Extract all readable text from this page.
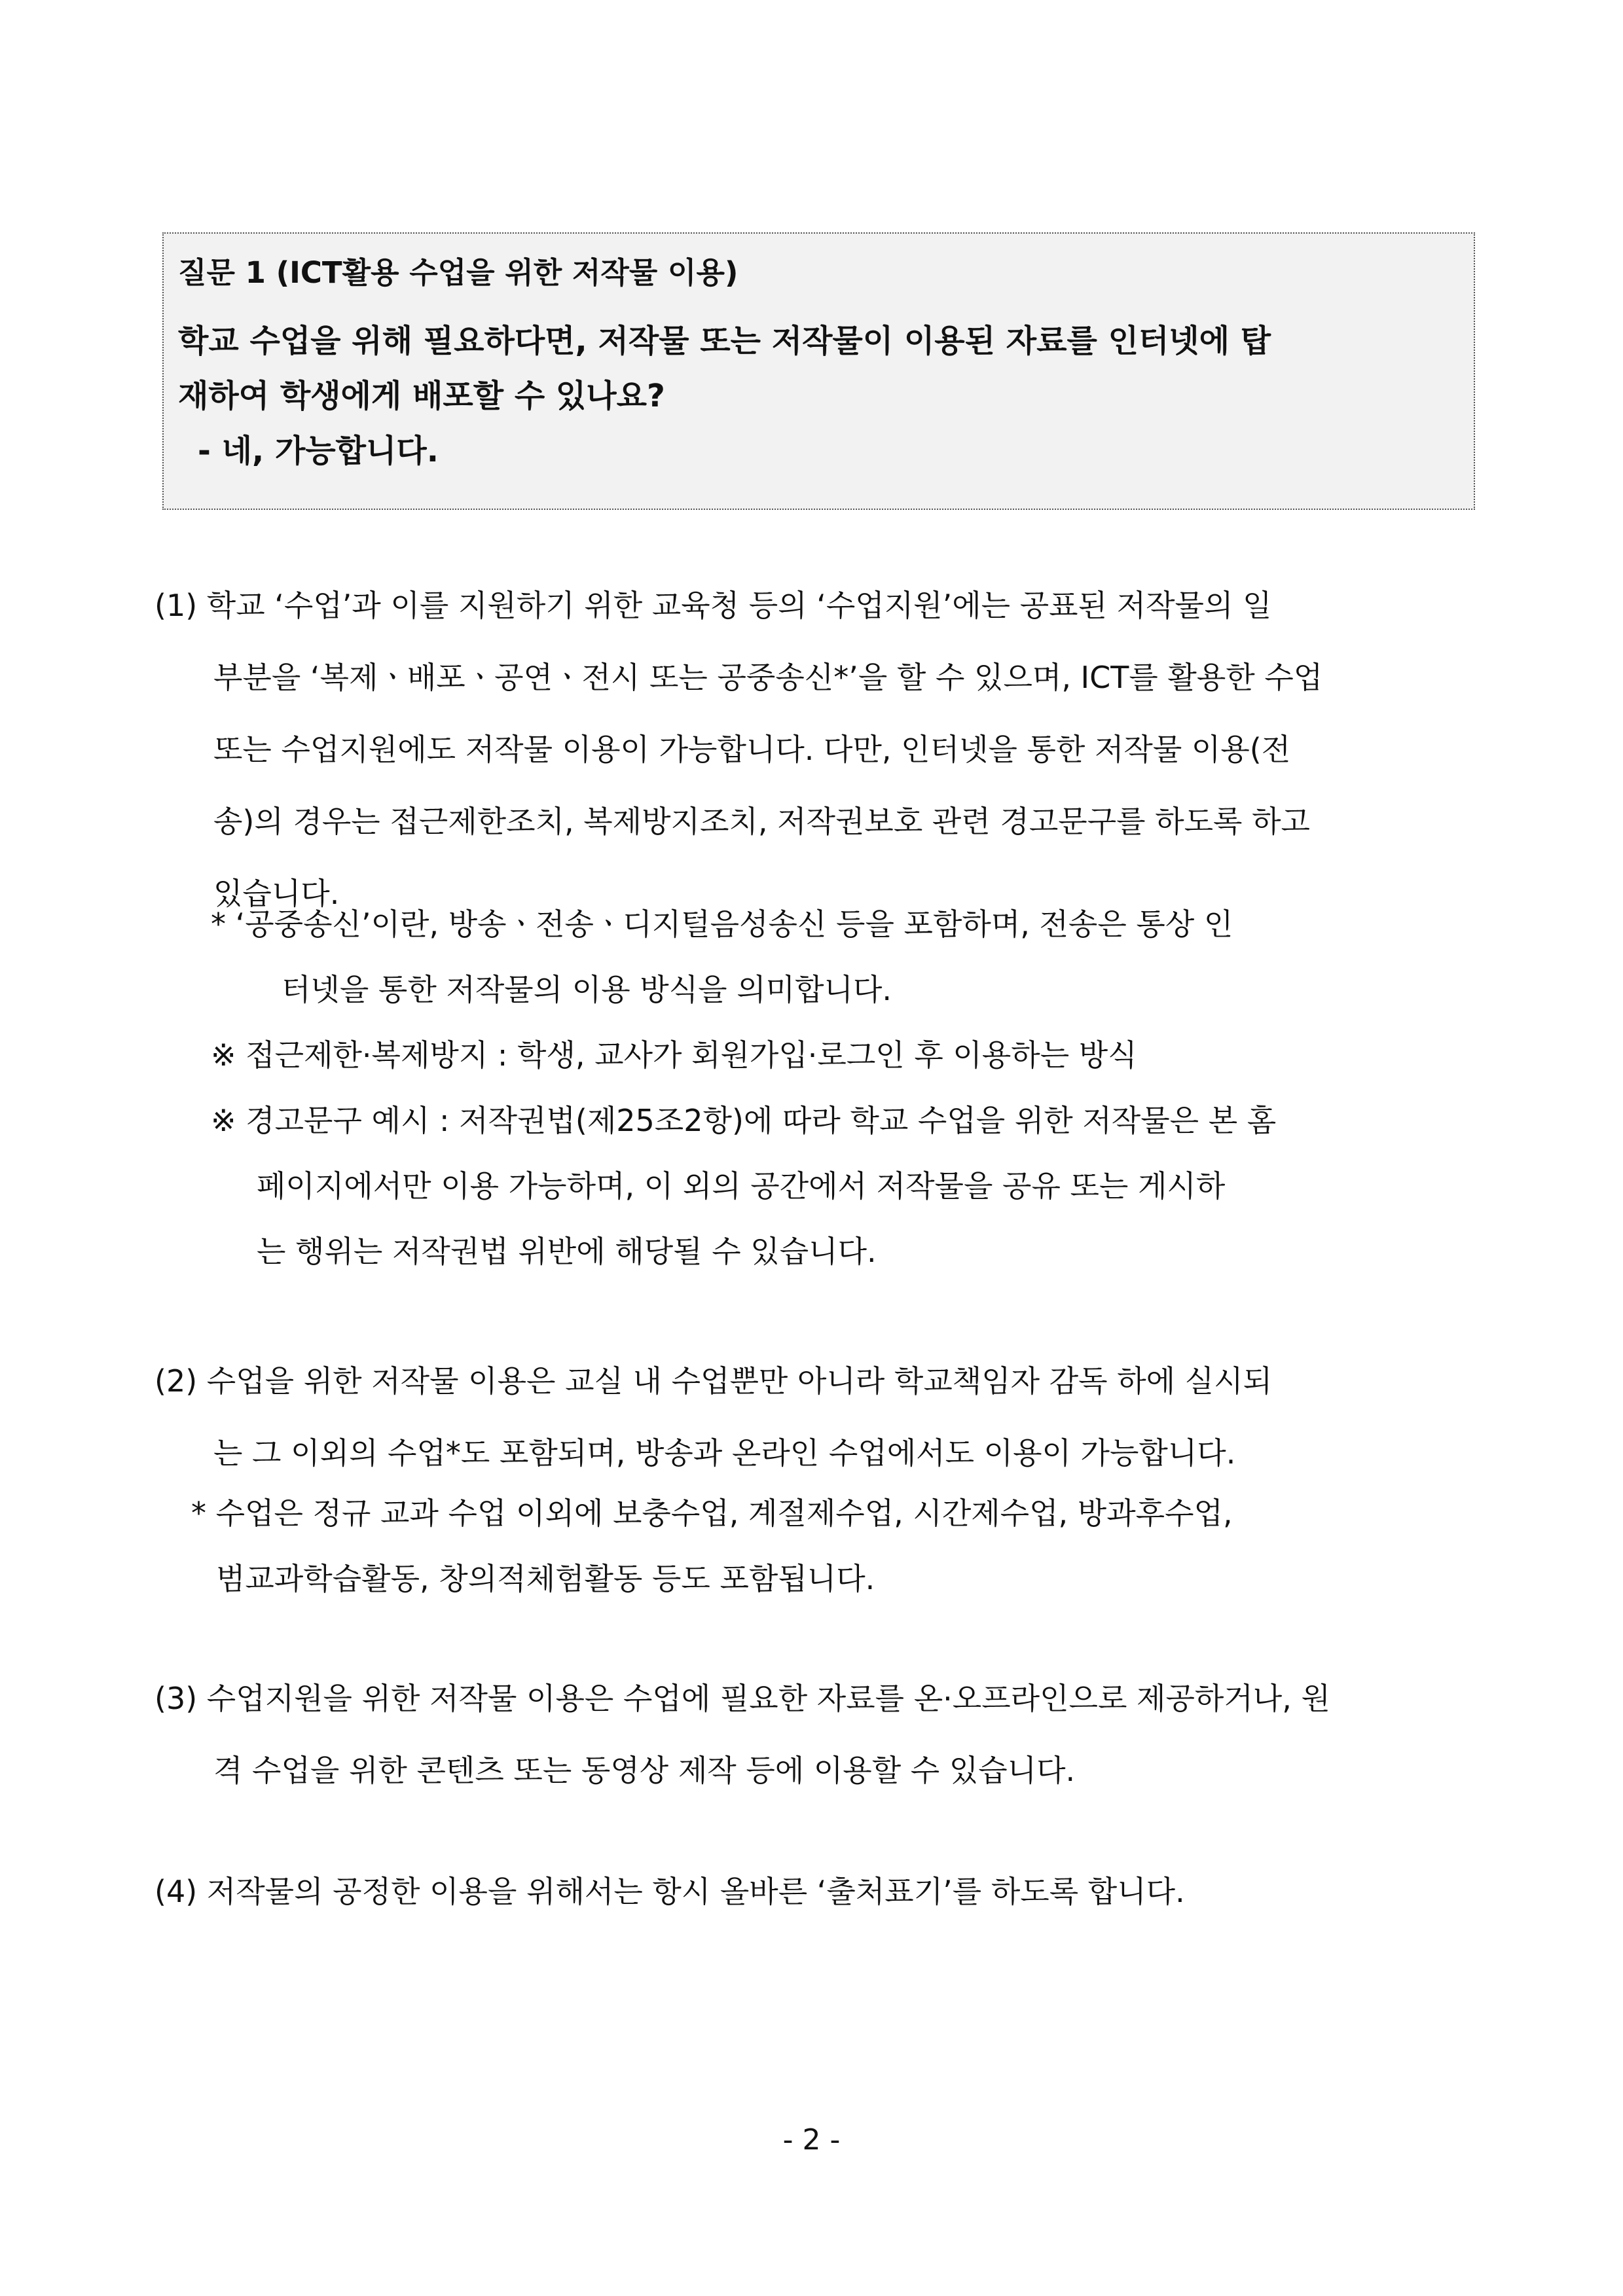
질문 1 (ICT활용 수업을 위한 저작물 이용)
학교 수업을 위해 필요하다면, 저작물 또는 저작물이 이용된 자료를 인터넷에 탑
재하여 학생에게 배포할 수 있나요?
- 네, 가능합니다.
(1) 학교 ‘수업’과 이를 지원하기 위한 교육청 등의 ‘수업지원’에는 공표된 저작물의 일
부분을 ‘복제ㆍ배포ㆍ공연ㆍ전시 또는 공중송신*’을 할 수 있으며, ICT를 활용한 수업
또는 수업지원에도 저작물 이용이 가능합니다. 다만, 인터넷을 통한 저작물 이용(전
송)의 경우는 접근제한조치, 복제방지조치, 저작권보호 관련 경고문구를 하도록 하고
있습니다.
* ‘공중송신’이란, 방송ㆍ전송ㆍ디지털음성송신 등을 포함하며, 전송은 통상 인
터넷을 통한 저작물의 이용 방식을 의미합니다.
※ 접근제한·복제방지 : 학생, 교사가 회원가입·로그인 후 이용하는 방식
※ 경고문구 예시 : 저작권법(제25조2항)에 따라 학교 수업을 위한 저작물은 본 홈
페이지에서만 이용 가능하며, 이 외의 공간에서 저작물을 공유 또는 게시하
는 행위는 저작권법 위반에 해당될 수 있습니다.
(2) 수업을 위한 저작물 이용은 교실 내 수업뿐만 아니라 학교책임자 감독 하에 실시되
는 그 이외의 수업*도 포함되며, 방송과 온라인 수업에서도 이용이 가능합니다.
* 수업은 정규 교과 수업 이외에 보충수업, 계절제수업, 시간제수업, 방과후수업,
범교과학습활동, 창의적체험활동 등도 포함됩니다.
(3) 수업지원을 위한 저작물 이용은 수업에 필요한 자료를 온·오프라인으로 제공하거나, 원
격 수업을 위한 콘텐츠 또는 동영상 제작 등에 이용할 수 있습니다.
(4) 저작물의 공정한 이용을 위해서는 항시 올바른 ‘출처표기’를 하도록 합니다.
- 2 -
